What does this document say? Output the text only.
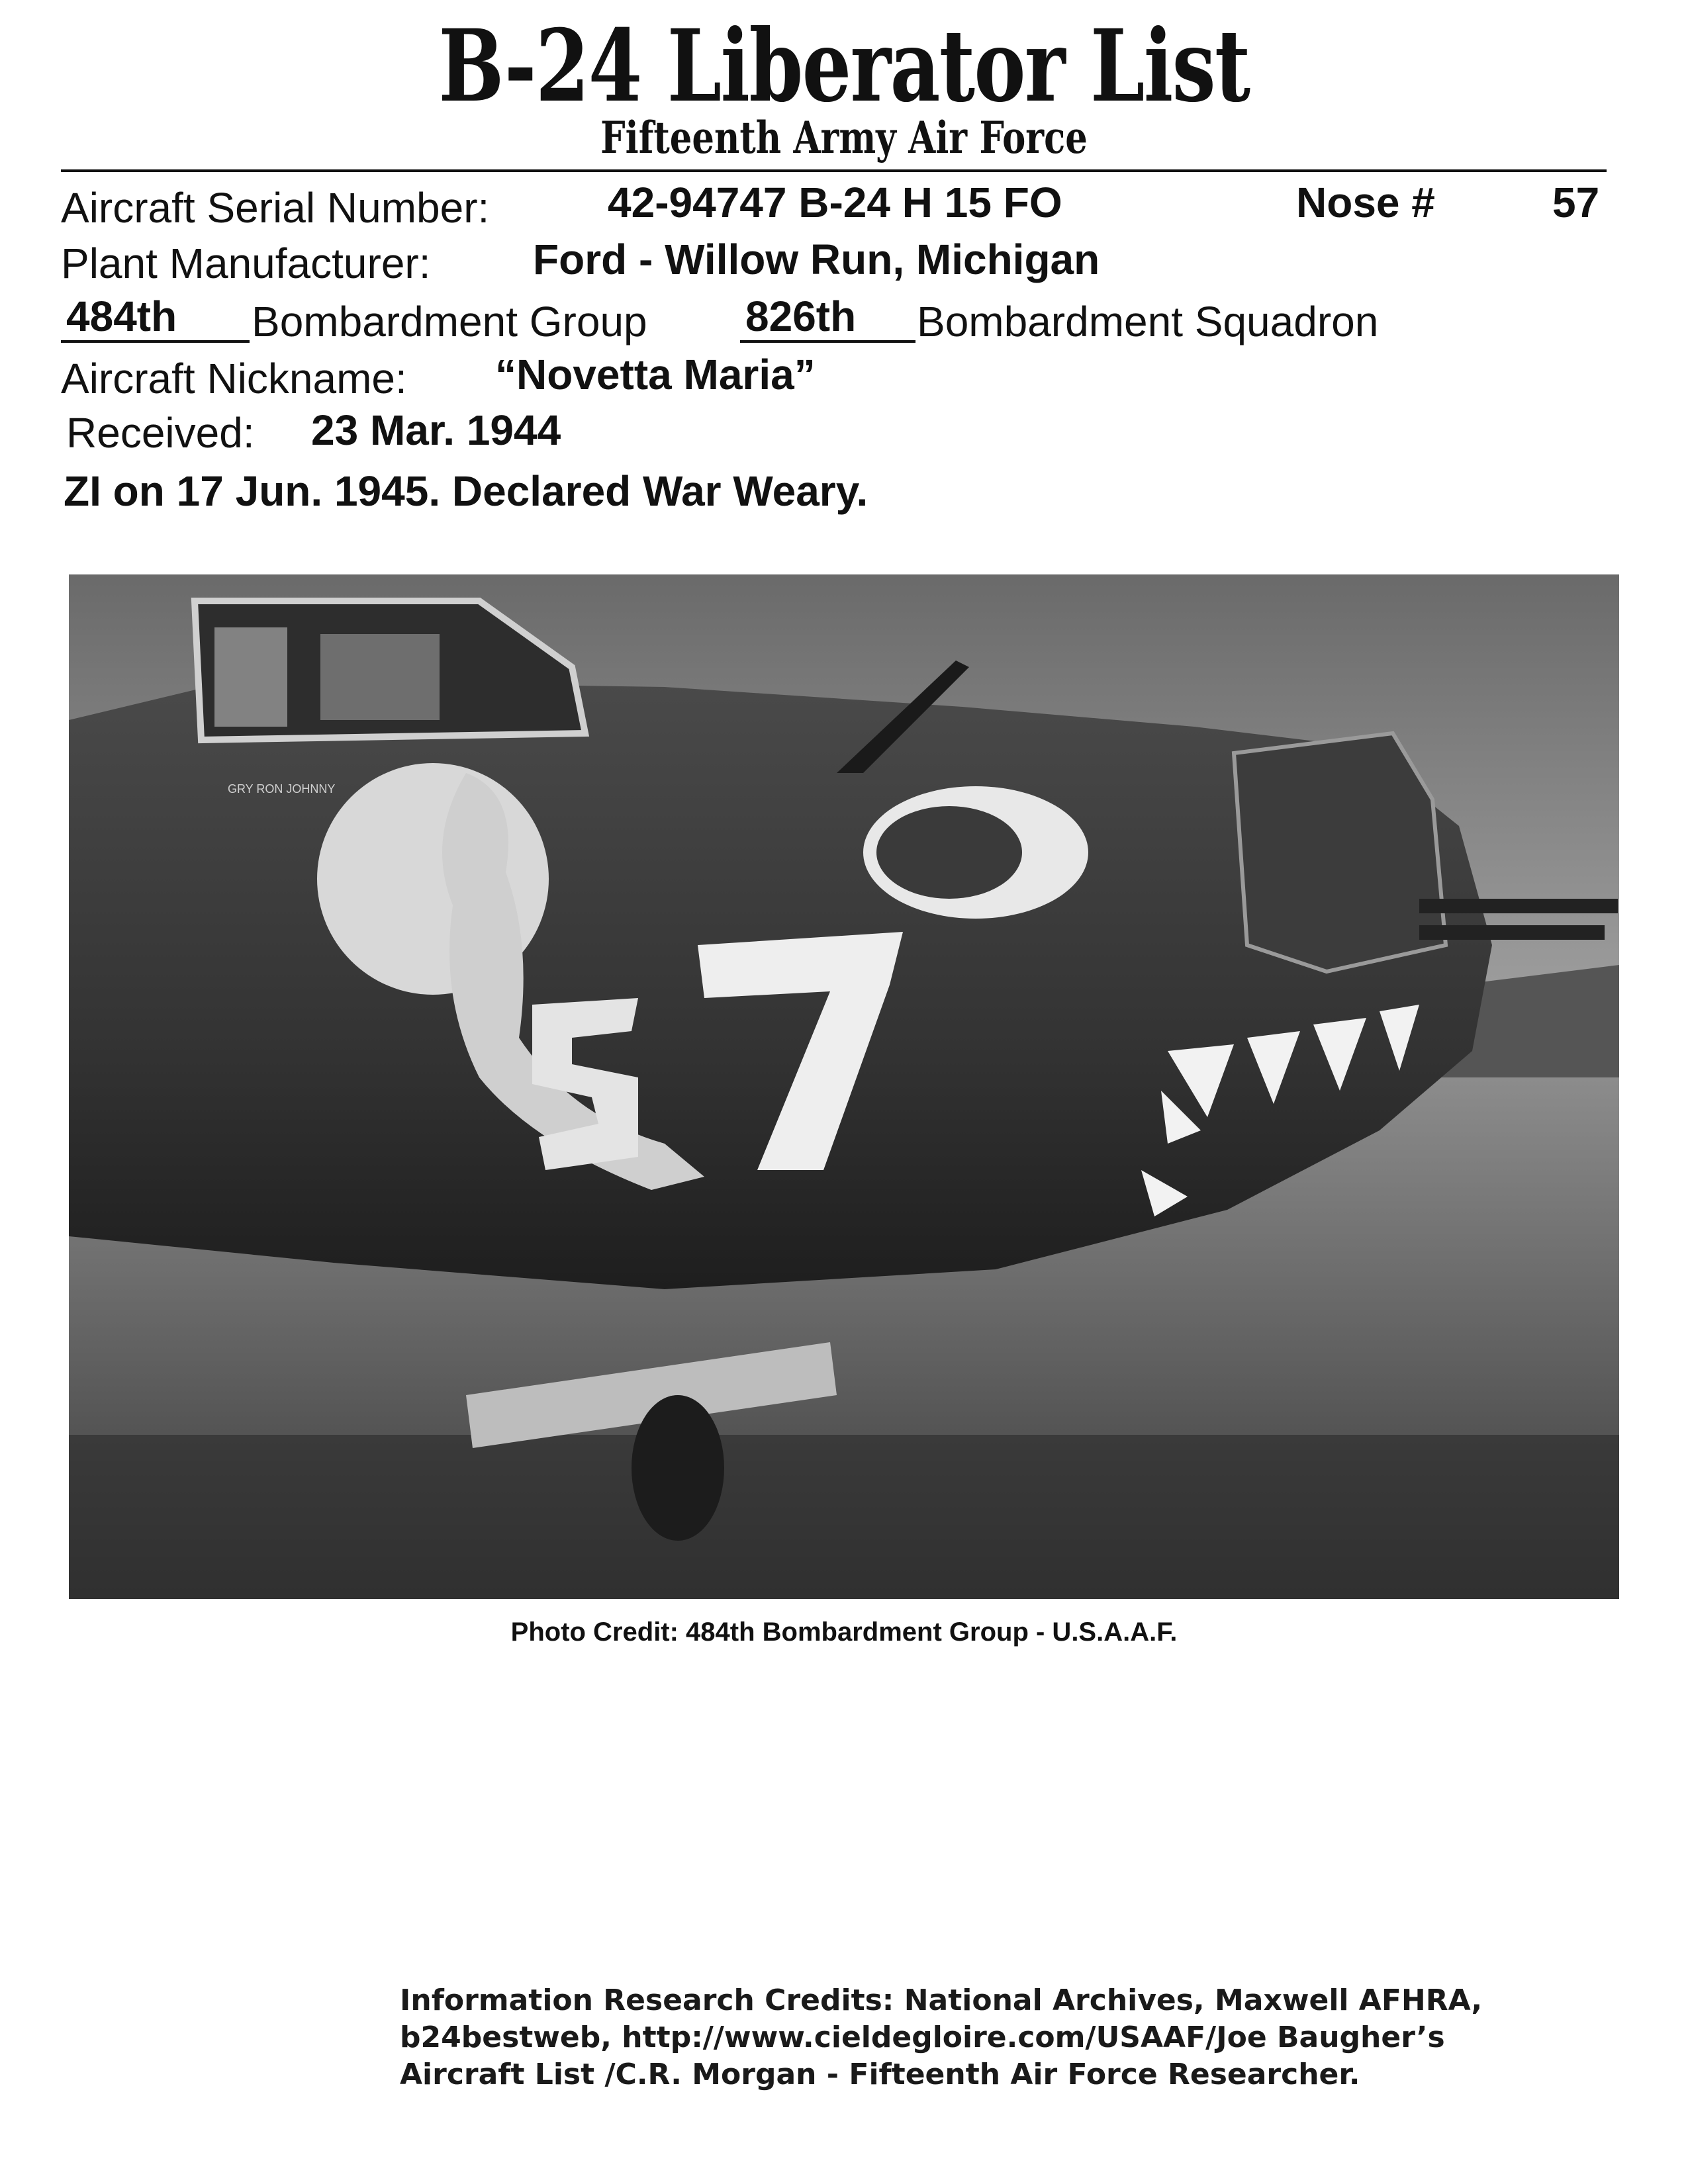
B-24 Liberator List
Fifteenth Army Air Force
Aircraft Serial Number:	42-94747 B-24 H 15 FO	Nose #	57
Plant Manufacturer: Ford - Willow Run, Michigan
484th Bombardment Group 826th Bombardment Squadron
Aircraft Nickname: “Novetta Maria”
Received: 23 Mar. 1944
ZI on 17 Jun. 1945. Declared War Weary.
GRY RON JOHNNY
Photo Credit: 484th Bombardment Group - U.S.A.A.F.
Information Research Credits: National Archives, Maxwell AFHRA,
b24bestweb, http://www.cieldegloire.com/USAAF/Joe Baugher’s
Aircraft List /C.R. Morgan - Fifteenth Air Force Researcher.
